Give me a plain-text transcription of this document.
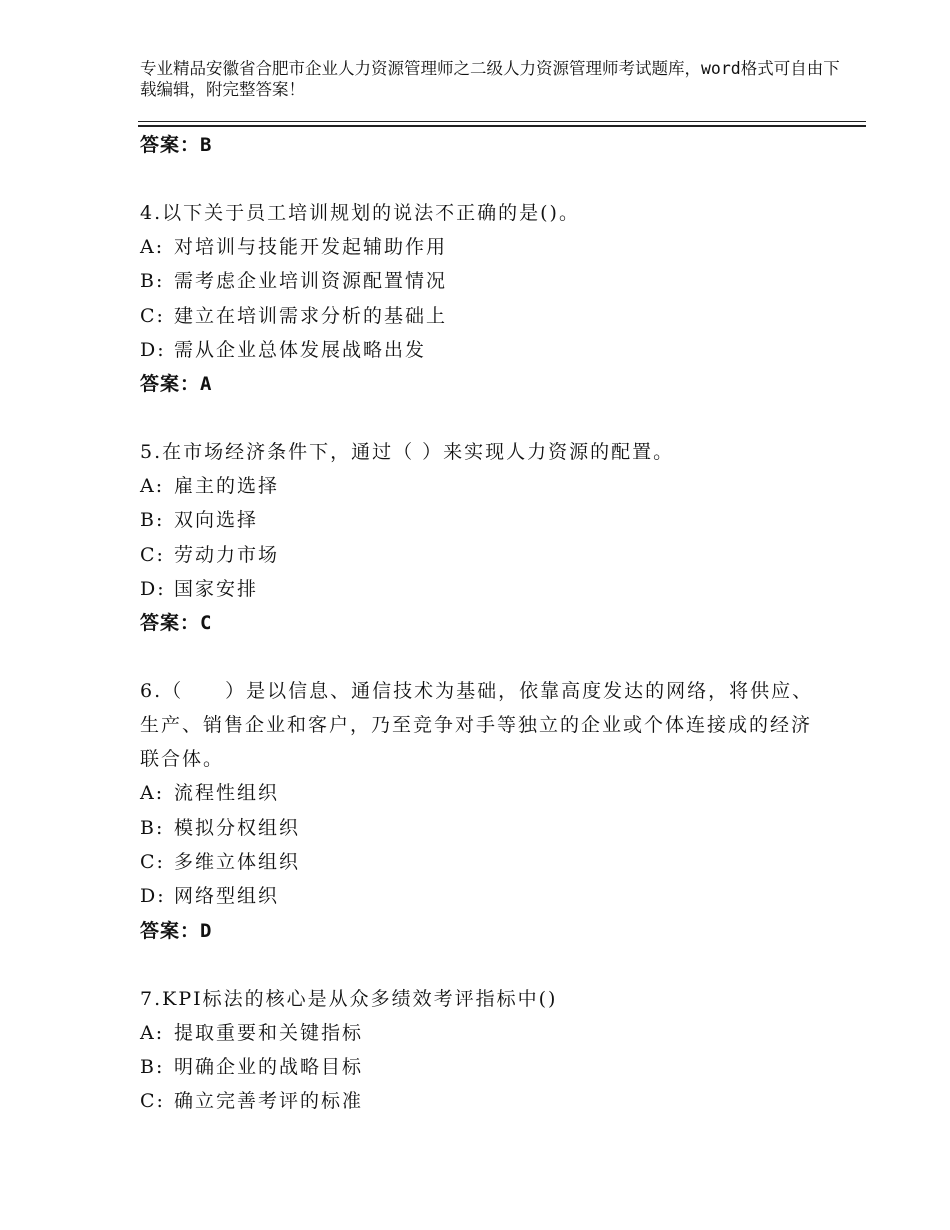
专业精品安徽省合肥市企业人力资源管理师之二级人力资源管理师考试题库，word格式可自由下载编辑，附完整答案！
答案：B
4.以下关于员工培训规划的说法不正确的是()。
A: 对培训与技能开发起辅助作用
B: 需考虑企业培训资源配置情况
C: 建立在培训需求分析的基础上
D: 需从企业总体发展战略出发
答案：A
5.在市场经济条件下，通过（ ）来实现人力资源的配置。
A: 雇主的选择
B: 双向选择
C: 劳动力市场
D: 国家安排
答案：C
6.（　　）是以信息、通信技术为基础，依靠高度发达的网络，将供应、生产、销售企业和客户，乃至竞争对手等独立的企业或个体连接成的经济联合体。
A: 流程性组织
B: 模拟分权组织
C: 多维立体组织
D: 网络型组织
答案：D
7.KPI标法的核心是从众多绩效考评指标中()
A: 提取重要和关键指标
B: 明确企业的战略目标
C: 确立完善考评的标准
